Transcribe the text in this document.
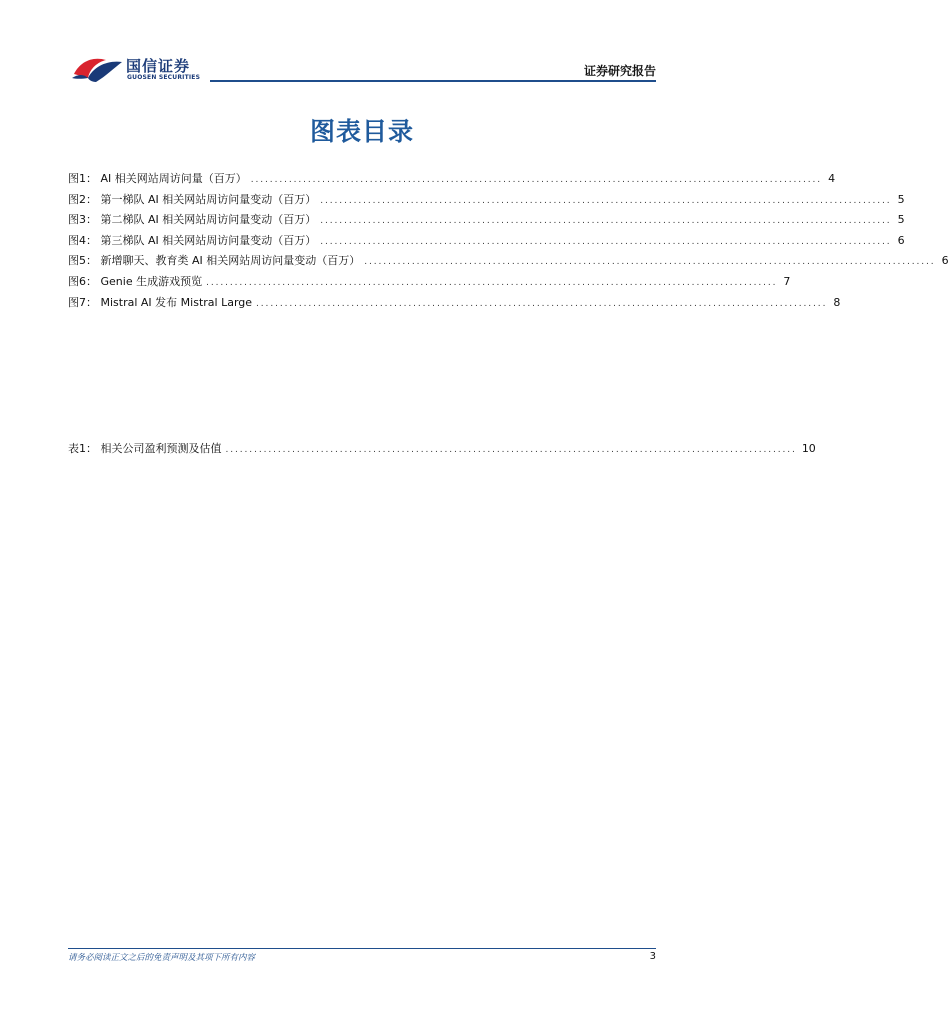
国信证券
GUOSEN SECURITIES	证券研究报告
图表目录
图1： AI 相关网站周访问量（百万） ........................................................................................................................ 4
图2： 第一梯队 AI 相关网站周访问量变动（百万） ........................................................................................................................ 5
图3： 第二梯队 AI 相关网站周访问量变动（百万） ........................................................................................................................ 5
图4： 第三梯队 AI 相关网站周访问量变动（百万） ........................................................................................................................ 6
图5： 新增聊天、教育类 AI 相关网站周访问量变动（百万） ........................................................................................................................ 6
图6： Genie 生成游戏预览 ........................................................................................................................ 7
图7： Mistral AI 发布 Mistral Large ........................................................................................................................ 8
表1： 相关公司盈利预测及估值 ........................................................................................................................ 10
请务必阅读正文之后的免责声明及其项下所有内容	3
